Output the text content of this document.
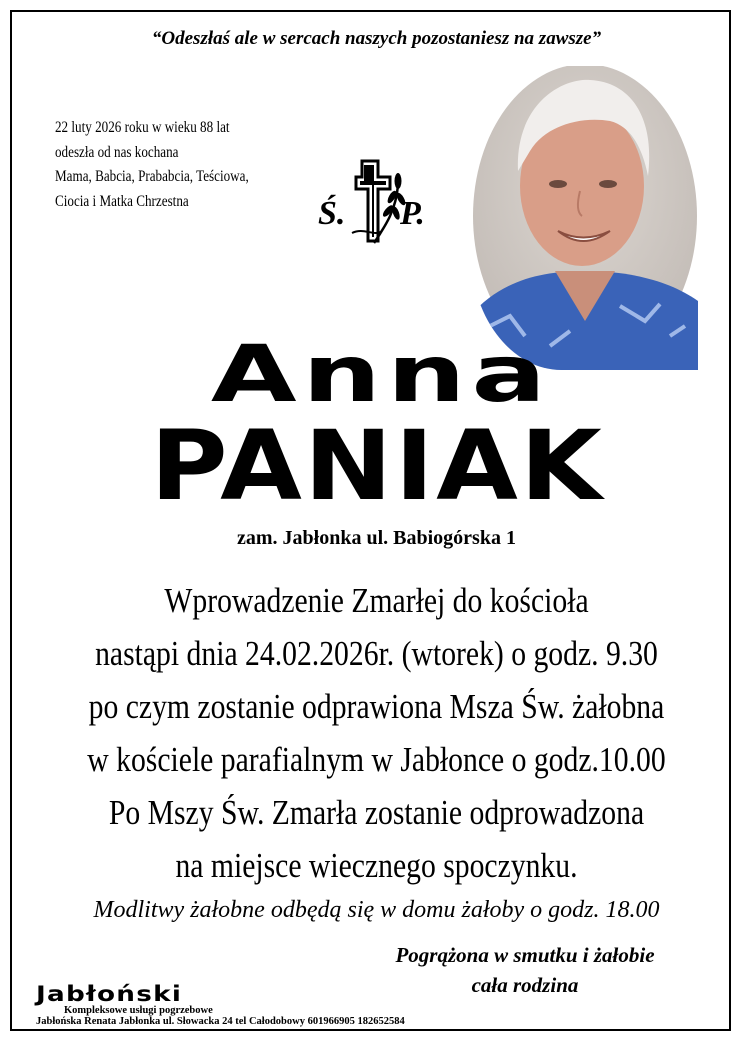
“Odeszłaś ale w sercach naszych pozostaniesz na zawsze”
22 luty 2026 roku w wieku 88 lat
odeszła od nas kochana
Mama, Babcia, Prababcia, Teściowa,
Ciocia i Matka Chrzestna	Ś. P.
Anna
PANIAK
zam. Jabłonka ul. Babiogórska 1
Wprowadzenie Zmarłej do kościoła
nastąpi dnia 24.02.2026r. (wtorek) o godz. 9.30
po czym zostanie odprawiona Msza Św. żałobna
w kościele parafialnym w Jabłonce o godz.10.00
Po Mszy Św. Zmarła zostanie odprowadzona
na miejsce wiecznego spoczynku.
Modlitwy żałobne odbędą się w domu żałoby o godz. 18.00
Pogrążona w smutku i żałobie
cała rodzina
Jabłoński
Kompleksowe usługi pogrzebowe
Jabłońska Renata Jabłonka ul. Słowacka 24 tel Całodobowy 601966905 182652584
